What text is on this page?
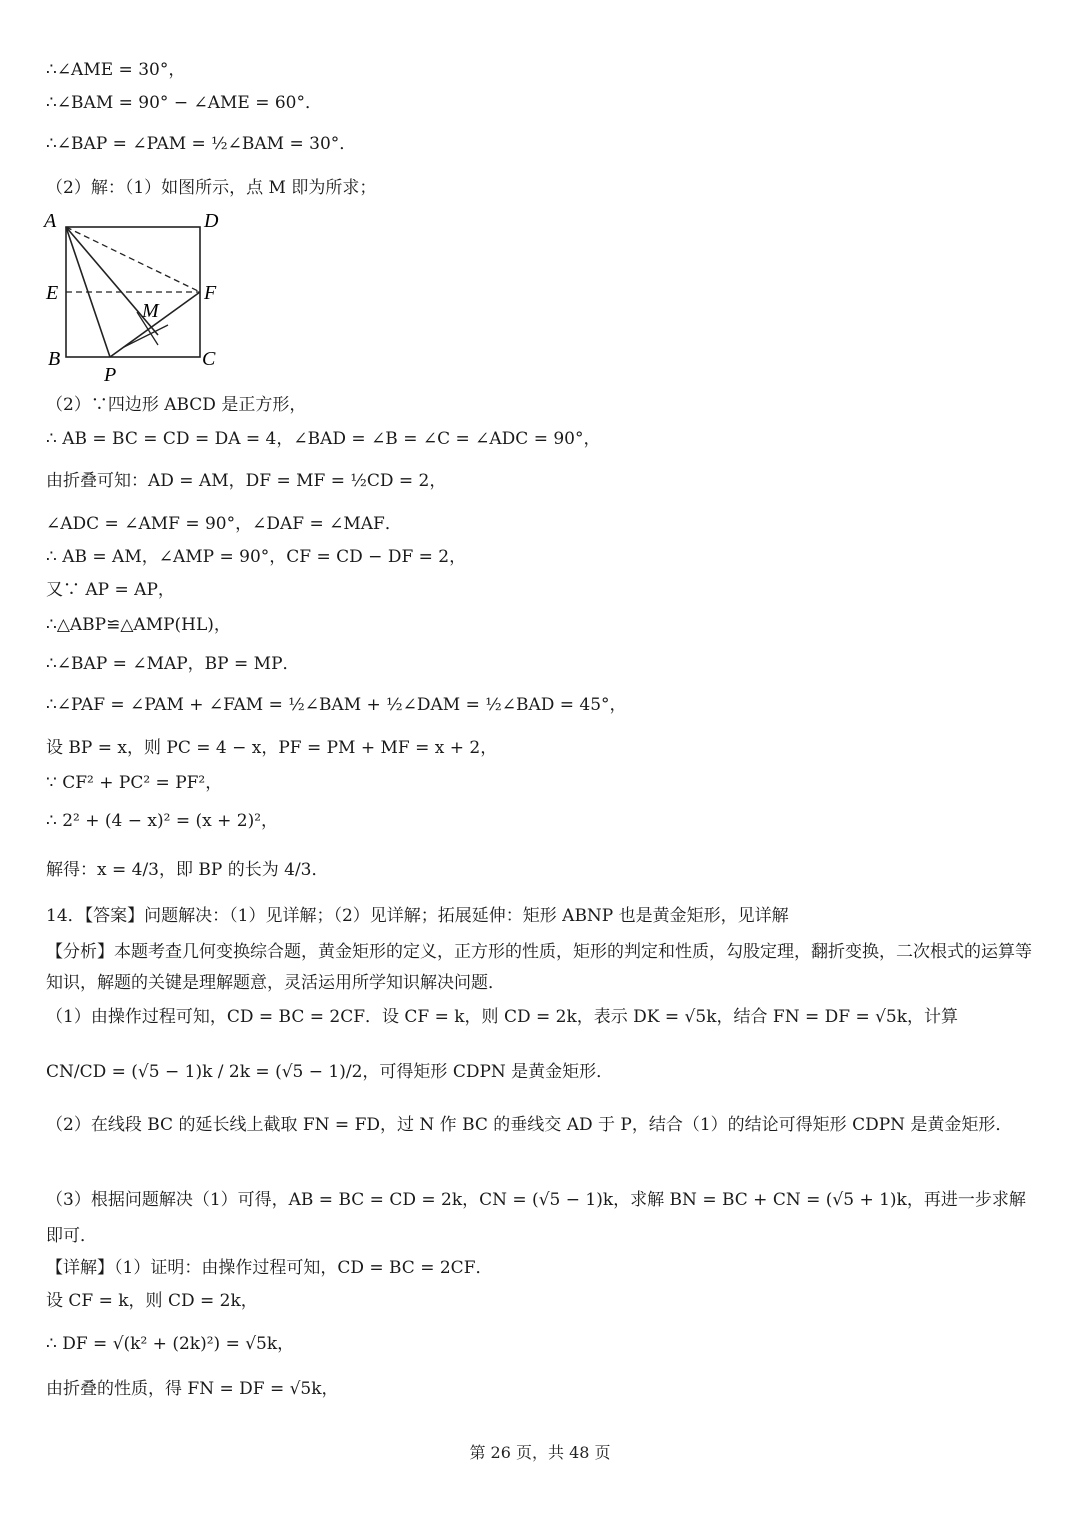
∴∠AME = 30°，
∴∠BAM = 90° − ∠AME = 60°．
∴∠BAP = ∠PAM = ½∠BAM = 30°．
（2）解：（1）如图所示，点 M 即为所求；
A	D
E	F
M
B	C
P
（2）∵四边形 ABCD 是正方形，
∴ AB = BC = CD = DA = 4，∠BAD = ∠B = ∠C = ∠ADC = 90°，
由折叠可知：AD = AM，DF = MF = ½CD = 2，
∠ADC = ∠AMF = 90°，∠DAF = ∠MAF．
∴ AB = AM，∠AMP = 90°，CF = CD − DF = 2，
又∵ AP = AP，
∴△ABP≌△AMP(HL)，
∴∠BAP = ∠MAP，BP = MP．
∴∠PAF = ∠PAM + ∠FAM = ½∠BAM + ½∠DAM = ½∠BAD = 45°，
设 BP = x，则 PC = 4 − x，PF = PM + MF = x + 2，
∵ CF² + PC² = PF²，
∴ 2² + (4 − x)² = (x + 2)²，
解得：x = 4/3，即 BP 的长为 4/3．
14．【答案】问题解决：（1）见详解；（2）见详解；拓展延伸：矩形 ABNP 也是黄金矩形，见详解
【分析】本题考查几何变换综合题，黄金矩形的定义，正方形的性质，矩形的判定和性质，勾股定理，翻折变换，二次根式的运算等知识，解题的关键是理解题意，灵活运用所学知识解决问题．
（1）由操作过程可知，CD = BC = 2CF．设 CF = k，则 CD = 2k，表示 DK = √5k，结合 FN = DF = √5k，计算
CN/CD = (√5 − 1)k / 2k = (√5 − 1)/2，可得矩形 CDPN 是黄金矩形．
（2）在线段 BC 的延长线上截取 FN = FD，过 N 作 BC 的垂线交 AD 于 P，结合（1）的结论可得矩形 CDPN 是黄金矩形．
（3）根据问题解决（1）可得，AB = BC = CD = 2k，CN = (√5 − 1)k，求解 BN = BC + CN = (√5 + 1)k，再进一步求解即可．
【详解】（1）证明：由操作过程可知，CD = BC = 2CF．
设 CF = k，则 CD = 2k，
∴ DF = √(k² + (2k)²) = √5k，
由折叠的性质，得 FN = DF = √5k，
第 26 页，共 48 页
